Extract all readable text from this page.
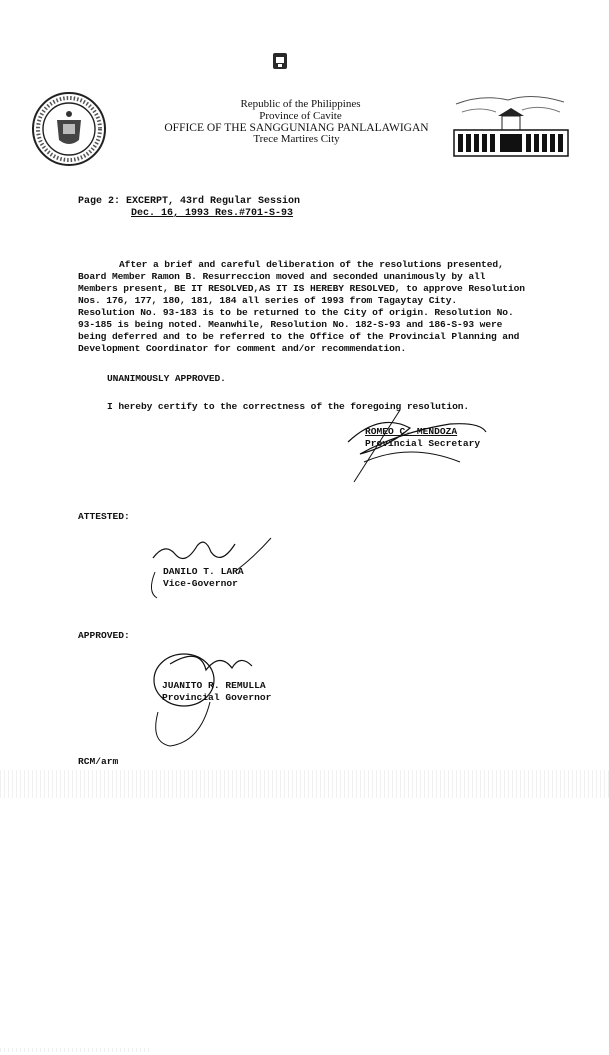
Republic of the Philippines
Province of Cavite
OFFICE OF THE SANGGUNIANG PANLALAWIGAN
Trece Martires City
Page 2: EXCERPT, 43rd Regular Session
Dec. 16, 1993 Res.#701-S-93
After a brief and careful deliberation of the resolutions presented,
Board Member Ramon B. Resurreccion moved and seconded unanimously by all
Members present, BE IT RESOLVED,AS IT IS HEREBY RESOLVED, to approve Resolution
Nos. 176, 177, 180, 181, 184 all series of 1993 from Tagaytay City.
Resolution No. 93-183 is to be returned to the City of origin. Resolution No.
93-185 is being noted. Meanwhile, Resolution No. 182-S-93 and 186-S-93 were
being deferred and to be referred to the Office of the Provincial Planning and
Development Coordinator for comment and/or recommendation.
UNANIMOUSLY APPROVED.
I hereby certify to the correctness of the foregoing resolution.
ROMEO C. MENDOZA
Provincial Secretary
ATTESTED:
DANILO T. LARA
Vice-Governor
APPROVED:
JUANITO R. REMULLA
Provincial Governor
RCM/arm
